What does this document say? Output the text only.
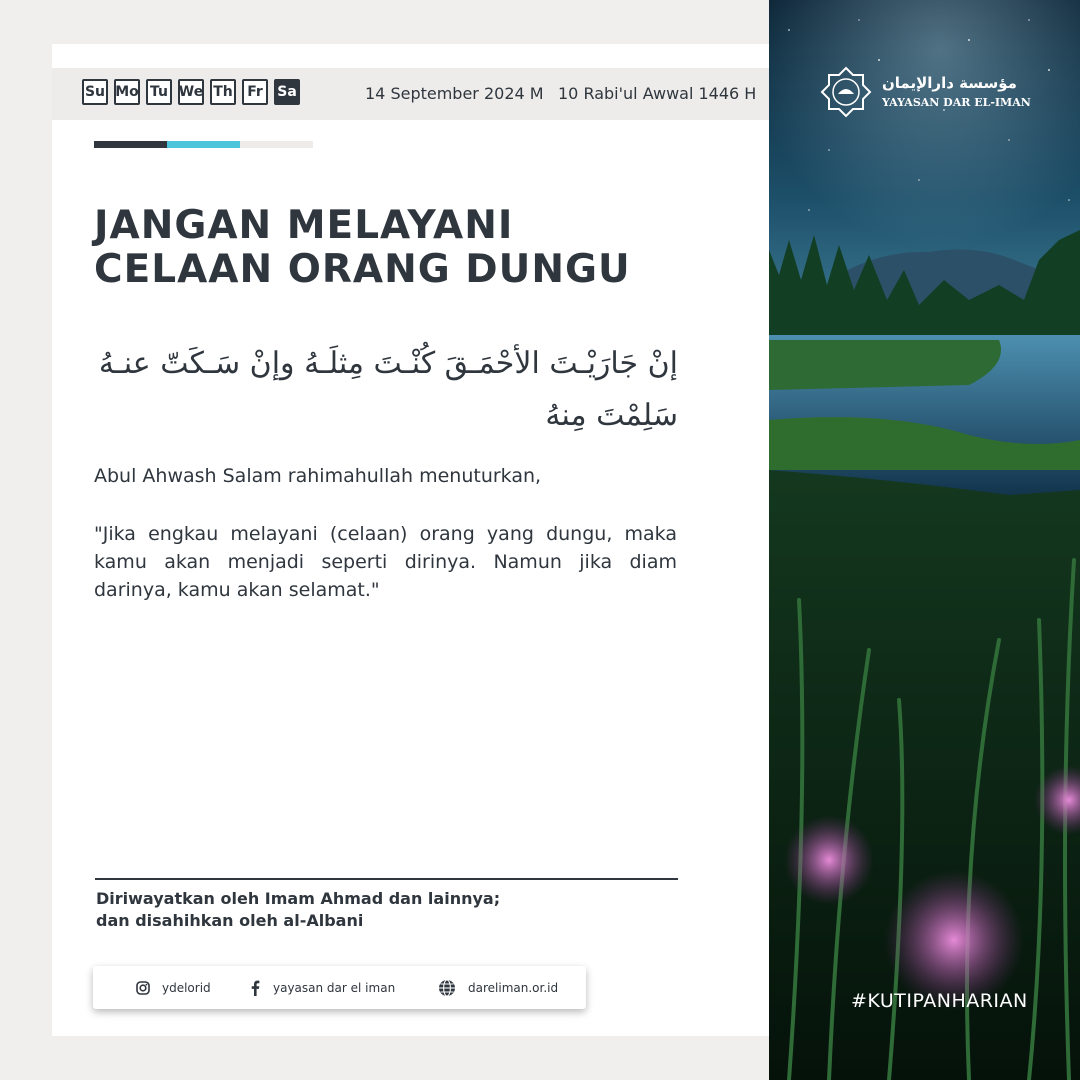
Su Mo Tu We Th	Fr	Sa	14 September 2024 M 10 Rabi'ul Awwal 1446 H
JANGAN MELAYANI
CELAAN ORANG DUNGU
إنْ جَارَيْـتَ الأحْمَـقَ كُنْـتَ مِثلَـهُ وإنْ سَـكَتّ عنـهُ سَلِمْتَ مِنهُ
Abul Ahwash Salam rahimahullah menuturkan,
"Jika engkau melayani (celaan) orang yang dungu, maka kamu akan menjadi seperti dirinya. Namun jika diam darinya, kamu akan selamat."
Diriwayatkan oleh Imam Ahmad dan lainnya;
dan disahihkan oleh al-Albani
ydelorid	yayasan dar el iman	dareliman.or.id
مؤسسة دارالإيمان
YAYASAN DAR EL-IMAN
#KUTIPANHARIAN
